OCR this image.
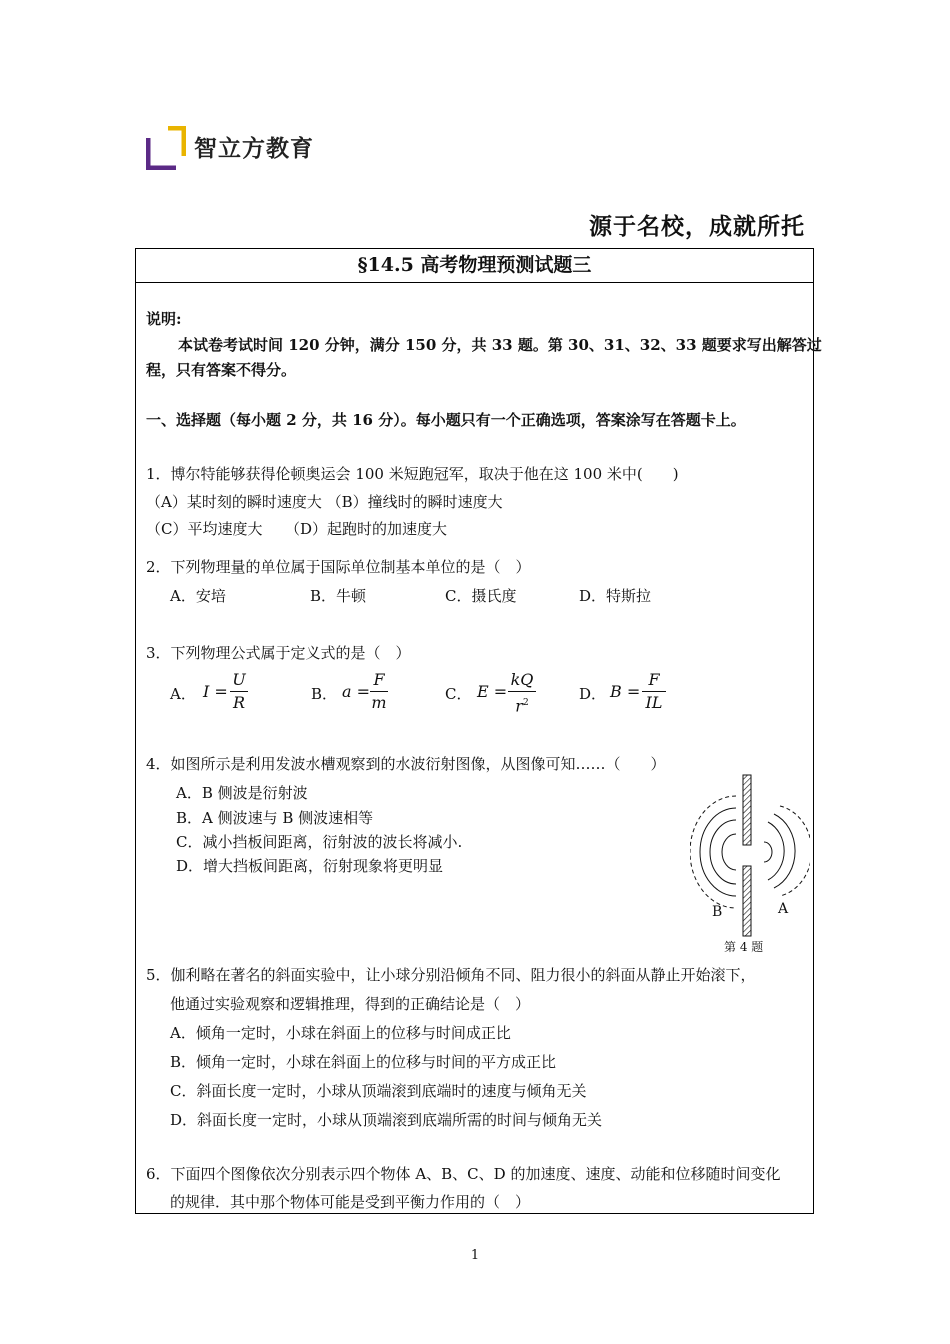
智立方教育
源于名校，成就所托
§14.5 高考物理预测试题三
说明:
本试卷考试时间 120 分钟，满分 150 分，共 33 题。第 30、31、32、33 题要求写出解答过
程，只有答案不得分。
一、选择题（每小题 2 分，共 16 分）。每小题只有一个正确选项，答案涂写在答题卡上。
1．博尔特能够获得伦顿奥运会 100 米短跑冠军，取决于他在这 100 米中(　　)
（A）某时刻的瞬时速度大 （B）撞线时的瞬时速度大
（C）平均速度大　　（D）起跑时的加速度大
2．下列物理量的单位属于国际单位制基本单位的是（　）
A．安培	B．牛顿	C．摄氏度	D．特斯拉
3．下列物理公式属于定义式的是（　）
A． I =
U
R	B． a =
F
m	C． E =
kQ
$r^2$	D． B =
F
IL
4．如图所示是利用发波水槽观察到的水波衍射图像，从图像可知……（　　）
A．B 侧波是衍射波
B．A 侧波速与 B 侧波速相等
C．减小挡板间距离，衍射波的波长将减小.
D．增大挡板间距离，衍射现象将更明显
B	A
第 4 题
5．伽利略在著名的斜面实验中，让小球分别沿倾角不同、阻力很小的斜面从静止开始滚下，
他通过实验观察和逻辑推理，得到的正确结论是（　）
A．倾角一定时，小球在斜面上的位移与时间成正比
B．倾角一定时，小球在斜面上的位移与时间的平方成正比
C．斜面长度一定时，小球从顶端滚到底端时的速度与倾角无关
D．斜面长度一定时，小球从顶端滚到底端所需的时间与倾角无关
6．下面四个图像依次分别表示四个物体 A、B、C、D 的加速度、速度、动能和位移随时间变化
的规律．其中那个物体可能是受到平衡力作用的（　）
1
